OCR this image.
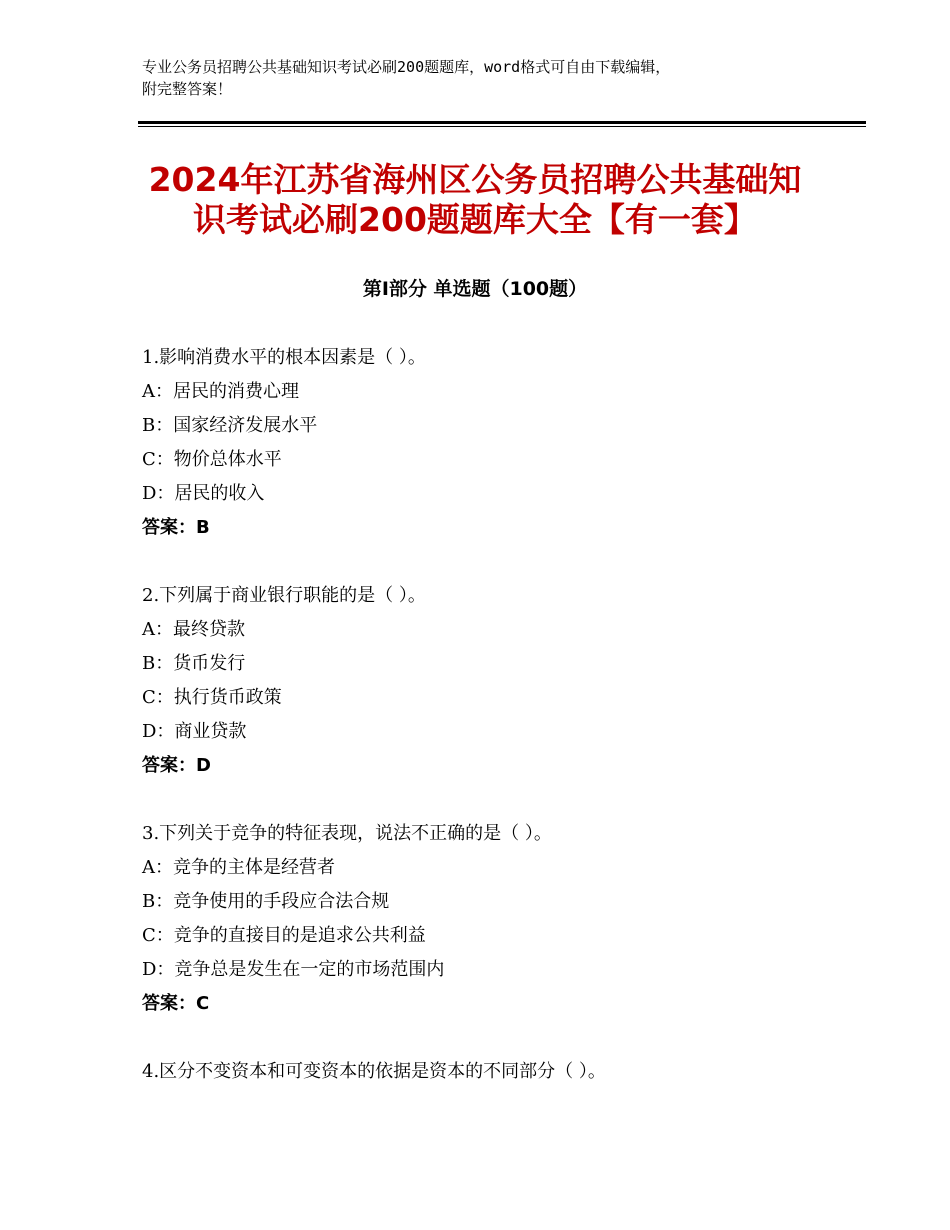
专业公务员招聘公共基础知识考试必刷200题题库，word格式可自由下载编辑，
附完整答案！
2024年江苏省海州区公务员招聘公共基础知
识考试必刷200题题库大全【有一套】
第Ⅰ部分 单选题（100题）
1.影响消费水平的根本因素是（ ）。
A：居民的消费心理
B：国家经济发展水平
C：物价总体水平
D：居民的收入
答案：B
2.下列属于商业银行职能的是（ ）。
A：最终贷款
B：货币发行
C：执行货币政策
D：商业贷款
答案：D
3.下列关于竞争的特征表现，说法不正确的是（ ）。
A：竞争的主体是经营者
B：竞争使用的手段应合法合规
C：竞争的直接目的是追求公共利益
D：竞争总是发生在一定的市场范围内
答案：C
4.区分不变资本和可变资本的依据是资本的不同部分（ ）。
